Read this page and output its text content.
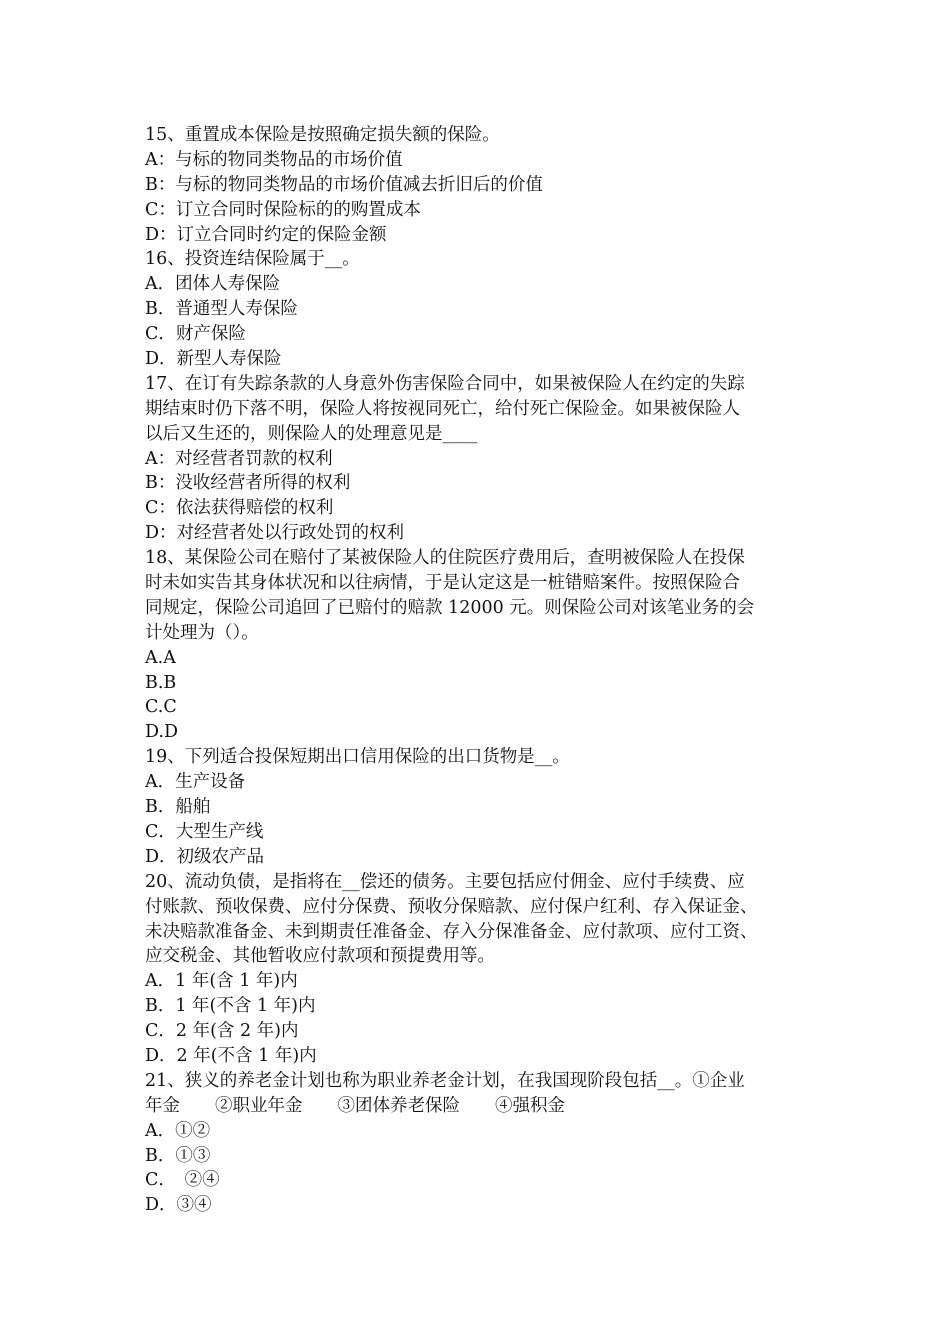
15、重置成本保险是按照确定损失额的保险。
A：与标的物同类物品的市场价值
B：与标的物同类物品的市场价值减去折旧后的价值
C：订立合同时保险标的的购置成本
D：订立合同时约定的保险金额
16、投资连结保险属于__。
A．团体人寿保险
B．普通型人寿保险
C．财产保险
D．新型人寿保险
17、在订有失踪条款的人身意外伤害保险合同中，如果被保险人在约定的失踪
期结束时仍下落不明，保险人将按视同死亡，给付死亡保险金。如果被保险人
以后又生还的，则保险人的处理意见是____
A：对经营者罚款的权利
B：没收经营者所得的权利
C：依法获得赔偿的权利
D：对经营者处以行政处罚的权利
18、某保险公司在赔付了某被保险人的住院医疗费用后，查明被保险人在投保
时未如实告其身体状况和以往病情，于是认定这是一桩错赔案件。按照保险合
同规定，保险公司追回了已赔付的赔款 12000 元。则保险公司对该笔业务的会
计处理为（）。
A.A
B.B
C.C
D.D
19、下列适合投保短期出口信用保险的出口货物是__。
A．生产设备
B．船舶
C．大型生产线
D．初级农产品
20、流动负债，是指将在__偿还的债务。主要包括应付佣金、应付手续费、应
付账款、预收保费、应付分保费、预收分保赔款、应付保户红利、存入保证金、
未决赔款准备金、未到期责任准备金、存入分保准备金、应付款项、应付工资、
应交税金、其他暂收应付款项和预提费用等。
A．1 年(含 1 年)内
B．1 年(不含 1 年)内
C．2 年(含 2 年)内
D．2 年(不含 1 年)内
21、狭义的养老金计划也称为职业养老金计划，在我国现阶段包括__。①企业
年金　　②职业年金　　③团体养老保险　　④强积金
A．①②
B．①③
C．　②④
D．③④
